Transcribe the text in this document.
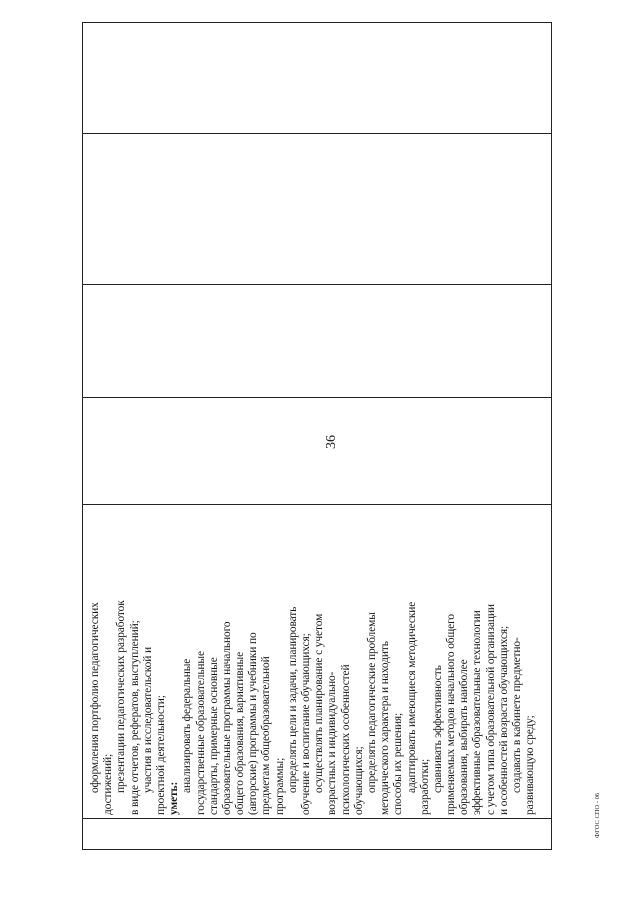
36
оформления портфолио педагогических достижений; презентации педагогических разработок в виде отчетов, рефератов, выступлений; участия в исследовательской и проектной деятельности; уметь:
анализировать федеральные государственные образовательные стандарты, примерные основные образовательные программы начального общего образования, вариативные (авторские) программы и учебники по предметам общеобразовательной программы; определять цели и задачи, планировать обучение и воспитание обучающихся; осуществлять планирование с учетом возрастных и индивидуально- психологических особенностей обучающихся; определять педагогические проблемы методического характера и находить способы их решения; адаптировать имеющиеся методические разработки; сравнивать эффективность применяемых методов начального общего образования, выбирать наиболее эффективные образовательные технологии с учетом типа образовательной организации и особенностей возраста обучающихся; создавать в кабинете предметно- развивающую среду;
ФГОС СПО - 06
